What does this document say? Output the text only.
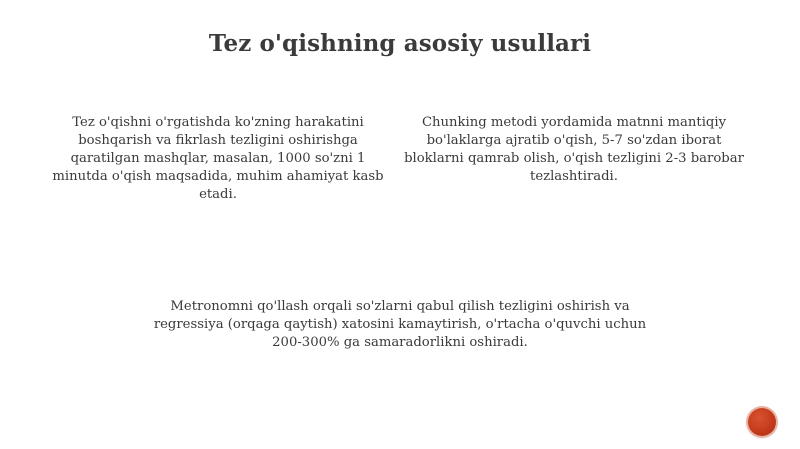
Tez o'qishning asosiy usullari
Tez o'qishni o'rgatishda ko'zning harakatini boshqarish va fikrlash tezligini oshirishga qaratilgan mashqlar, masalan, 1000 so'zni 1 minutda o'qish maqsadida, muhim ahamiyat kasb etadi.
Chunking metodi yordamida matnni mantiqiy bo'laklarga ajratib o'qish, 5-7 so'zdan iborat bloklarni qamrab olish, o'qish tezligini 2-3 barobar tezlashtiradi.
Metronomni qo'llash orqali so'zlarni qabul qilish tezligini oshirish va regressiya (orqaga qaytish) xatosini kamaytirish, o'rtacha o'quvchi uchun 200-300% ga samaradorlikni oshiradi.
